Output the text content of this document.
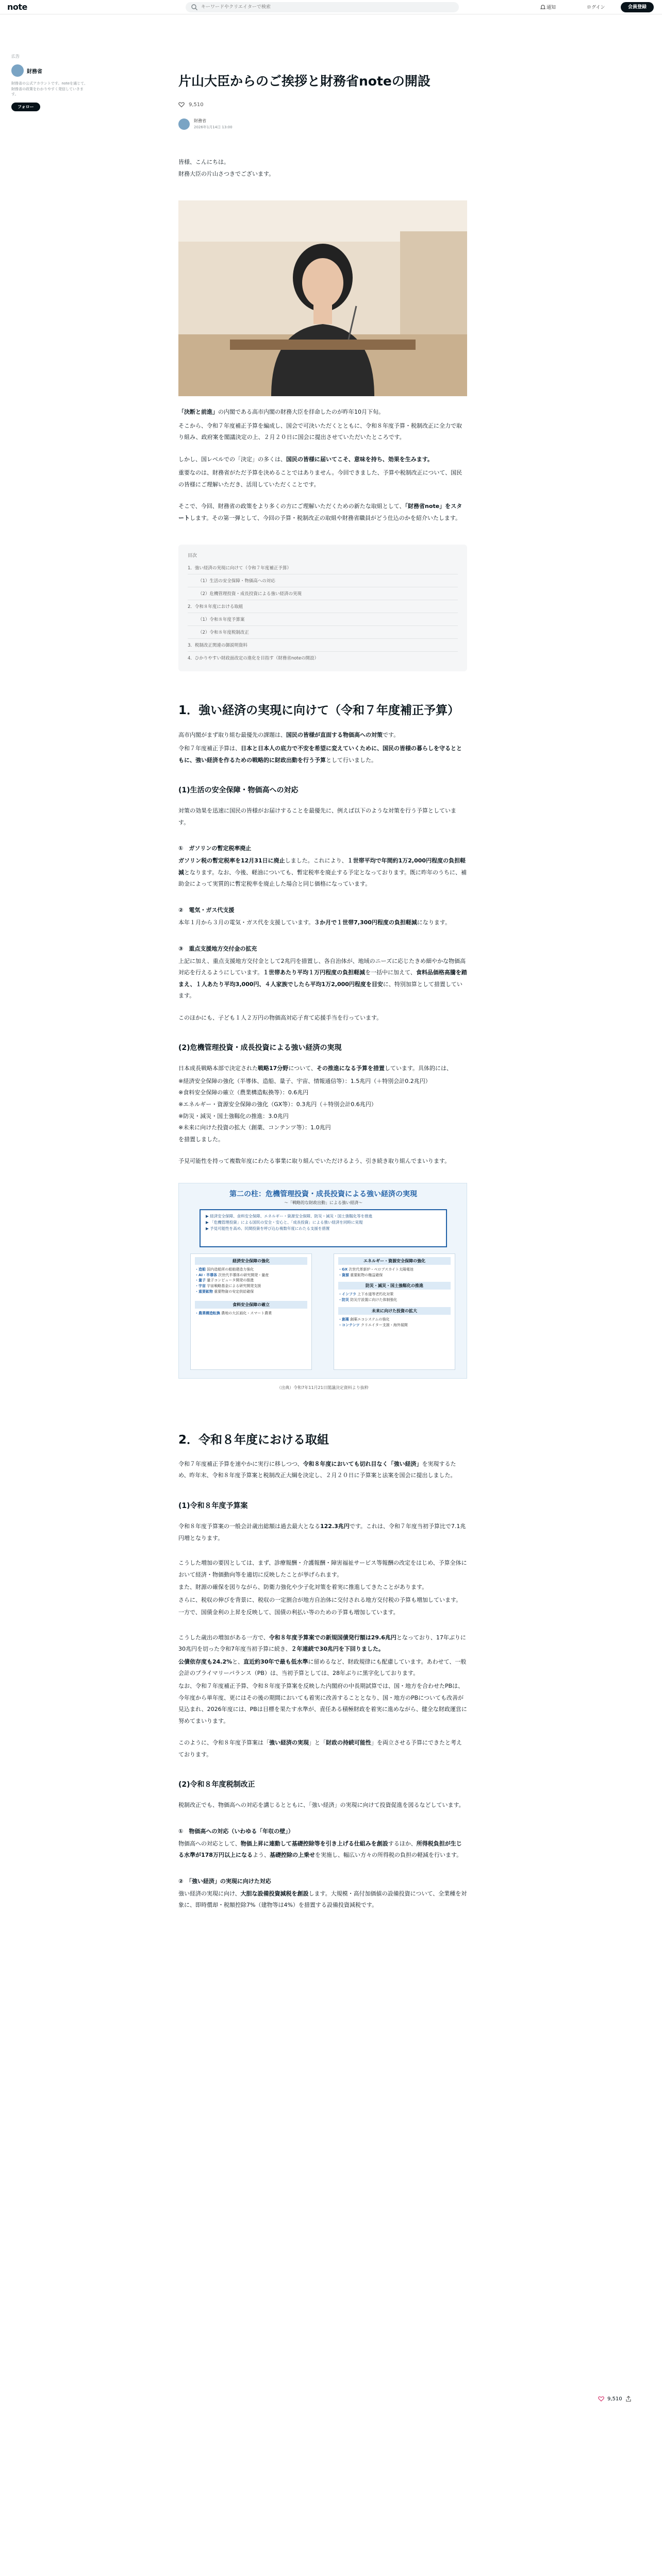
note
キーワードやクリエイターで検索	通知	ログイン	会員登録
広告
財務省
財務省の公式アカウントです。noteを通じて、財務省の政策をわかりやすく発信していきます。
フォロー
9,510
片山大臣からのご挨拶と財務省noteの開設
9,510
財務省
2026年1月14日 13:00
皆様、こんにちは。
財務大臣の片山さつきでございます。
「決断と前進」の内閣である高市内閣の財務大臣を拝命したのが昨年10月下旬。
そこから、令和７年度補正予算を編成し、国会で可決いただくとともに、令和８年度予算・税制改正に全力で取り組み、政府案を閣議決定の上、２月２０日に国会に提出させていただいたところです。
しかし、国レベルでの「決定」の多くは、国民の皆様に届いてこそ、意味を持ち、効果を生みます。
重要なのは、財務省がただ予算を決めることではありません。今回できました、予算や税制改正について、国民の皆様にご理解いただき、活用していただくことです。
そこで、今回、財務省の政策をより多くの方にご理解いただくための新たな取組として、「財務省note」をスタートします。その第一弾として、今回の予算・税制改正の取組や財務省職員がどう仕込のかを紹介いたします。
目次
1．強い経済の実現に向けて（令和７年度補正予算）
（1）生活の安全保障・物価高への対応
（2）危機管理投資・成長投資による強い経済の実現
2．令和８年度における取組
（1）令和８年度予算案
（2）令和８年度税制改正
3．税制改正関連の御説明資料
4．ひかりやすい財政面改定の進化を目指す（財務省noteの開設）
1．強い経済の実現に向けて（令和７年度補正予算）
高市内閣がまず取り組む最優先の課題は、国民の皆様が直面する物価高への対策です。
令和７年度補正予算は、日本と日本人の底力で不安を希望に変えていくために、国民の皆様の暮らしを守るとともに、強い経済を作るための戦略的に財政出動を行う予算として行いました。
(1)生活の安全保障・物価高への対応
対策の効果を迅速に国民の皆様がお届けすることを最優先に、例えば以下のような対策を行う予算としています。
①　ガソリンの暫定税率廃止
ガソリン税の暫定税率を12月31日に廃止しました。これにより、１世帯平均で年間約1万2,000円程度の負担軽減となります。なお、今後、軽油についても、暫定税率を廃止する予定となっております。既に昨年のうちに、補助金によって実質的に暫定税率を廃止した場合と同じ価格になっています。
②　電気・ガス代支援
本年１月から３月の電気・ガス代を支援しています。３か月で１世帯7,300円程度の負担軽減になります。
③　重点支援地方交付金の拡充
上記に加え、重点支援地方交付金として2兆円を措置し、各自治体が、地域のニーズに応じたきめ細やかな物価高対応を行えるようにしています。１世帯あたり平均１万円程度の負担軽減を一括中に加えて、食料品価格高騰を踏まえ、１人あたり平均3,000円、４人家族でしたら平均1万2,000円程度を目安に、特別加算として措置しています。
このほかにも、子ども１人２万円の物価高対応子育て応援手当を行っています。
(2)危機管理投資・成長投資による強い経済の実現
日本成長戦略本部で決定された戦略17分野について、その推進になる予算を措置しています。具体的には、
※経済安全保障の強化（半導体、造船、量子、宇宙、情報通信等）：1.5兆円（＋特別会計0.2兆円）
※食料安全保障の確立（農業構造転換等）：0.6兆円
※エネルギー・資源安全保障の強化（GX等）：0.3兆円（＋特別会計0.6兆円）
※防災・減災・国土強靱化の推進：3.0兆円
※未来に向けた投資の拡大（創薬、コンテンツ等）：1.0兆円
を措置しました。
予見可能性を持って複数年度にわたる事業に取り組んでいただけるよう、引き続き取り組んでまいります。
第二の柱：危機管理投資・成長投資による強い経済の実現
〜「戦略的な財政出動」による強い経済〜
▶ 経済安全保障、食料安全保障、エネルギー・資源安全保障、防災・減災・国土強靱化等を推進
▶ 「危機管理投資」による国民の安全・安心と、「成長投資」による強い経済を同時に実現
▶ 予見可能性を高め、民間投資を呼び込む複数年度にわたる支援を措置
経済安全保障の強化
・造船 国内造船所の船舶建造力強化
・AI・半導体 次世代半導体の研究開発・量産
・量子 量子コンピュータ開発の推進
・宇宙 宇宙戦略基金による研究開発支援
・重要鉱物 重要物資の安定供給確保
食料安全保障の確立
・農業構造転換 農地の大区画化・スマート農業
エネルギー・資源安全保障の強化
・GX 次世代革新炉・ペロブスカイト太陽電池
・資源 重要鉱物の権益確保
防災・減災・国土強靱化の推進
・インフラ 上下水道等老朽化対策
・防災 防災庁設置に向けた体制強化
未来に向けた投資の拡大
・創薬 創薬エコシステムの強化
・コンテンツ クリエイター支援・海外展開
（出典）令和7年11月21日閣議決定資料より抜粋
2．令和８年度における取組
令和７年度補正予算を速やかに実行に移しつつ、令和８年度においても切れ目なく「強い経済」を実現するため、昨年末、令和８年度予算案と税制改正大綱を決定し、２月２０日に予算案と法案を国会に提出しました。
(1)令和８年度予算案
令和８年度予算案の一般会計歳出総額は過去最大となる122.3兆円です。これは、令和７年度当初予算比で7.1兆円増となります。
こうした増加の要因としては、まず、診療報酬・介護報酬・障害福祉サービス等報酬の改定をはじめ、予算全体において経済・物価動向等を適切に反映したことが挙げられます。
また、財源の確保を図りながら、防衛力強化や少子化対策を着実に推進してきたことがあります。
さらに、税収の伸びを背景に、税収の一定割合が地方自治体に交付される地方交付税の予算も増加しています。
一方で、国債金利の上昇を反映して、国債の利払い等のための予算も増加しています。
こうした歳出の増加がある一方で、令和８年度予算案での新規国債発行額は29.6兆円となっており、17年ぶりに30兆円を切った令和7年度当初予算に続き、２年連続で30兆円を下回りました。
公債依存度も24.2%と、直近約30年で最も低水準に留めるなど、財政規律にも配慮しています。あわせて、一般会計のプライマリーバランス（PB）は、当初予算としては、28年ぶりに黒字化しております。
なお、令和７年度補正予算、令和８年度予算案を反映した内閣府の中長期試算では、国・地方を合わせたPBは、今年度から単年度、更にはその後の期間においても着実に改善することとなり、国・地方のPBについても改善が見込まれ、2026年度には、PBは目標を果たす水準が、責任ある積極財政を着実に進めながら、健全な財政運営に努めてまいります。
このように、令和８年度予算案は「強い経済の実現」と「財政の持続可能性」を両立させる予算にできたと考えております。
(2)令和８年度税制改正
税制改正でも、物価高への対応を講じるとともに、「強い経済」の実現に向けて投資促進を図るなどしています。
①　物価高への対応（いわゆる「年収の壁」）
物価高への対応として、物価上昇に連動して基礎控除等を引き上げる仕組みを創設するほか、所得税負担が生じる水準が178万円以上になるよう、基礎控除の上乗せを実施し、幅広い方々の所得税の負担の軽減を行います。
②　「強い経済」の実現に向けた対応
強い経済の実現に向け、大胆な設備投資減税を創設します。大規模・高付加価値の設備投資について、全業種を対象に、即時償却・税額控除7%（建物等は4%）を措置する設備投資減税です。
